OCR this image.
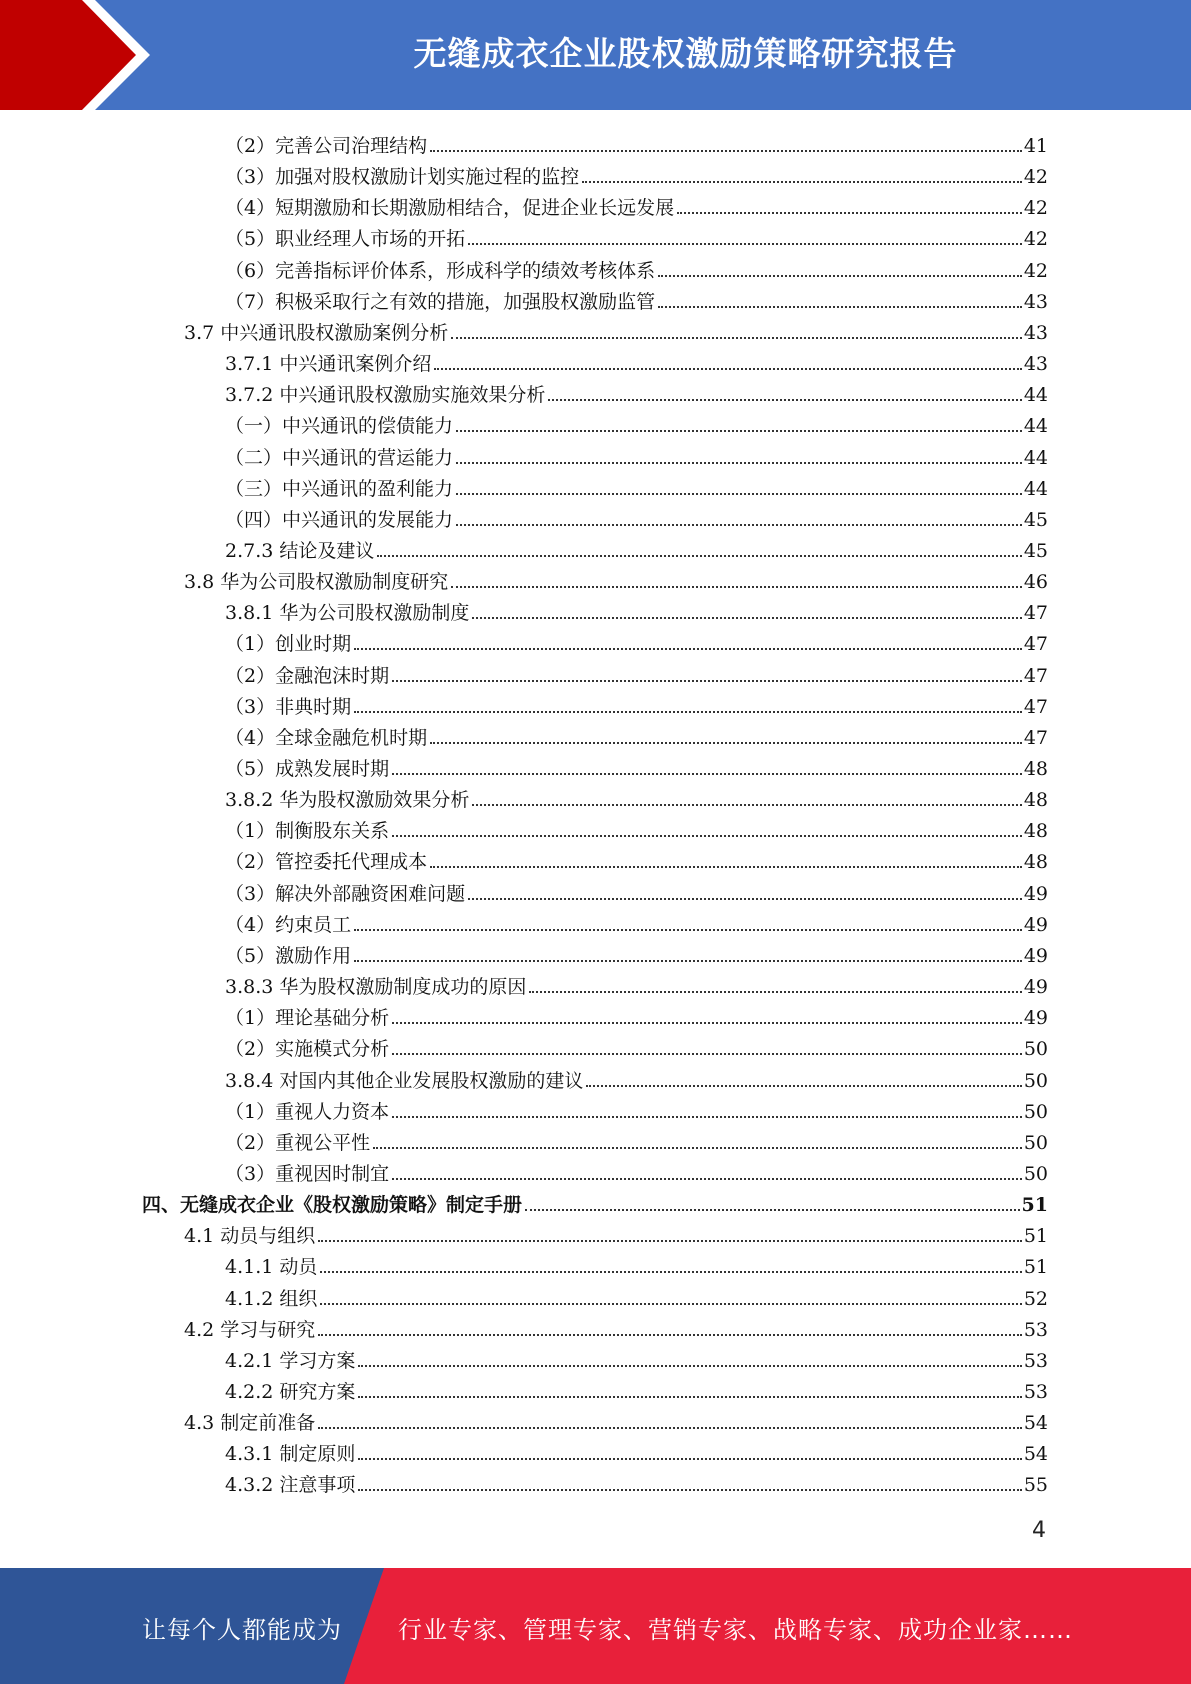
无缝成衣企业股权激励策略研究报告
（2）完善公司治理结构	41
（3）加强对股权激励计划实施过程的监控	42
（4）短期激励和长期激励相结合，促进企业长远发展	42
（5）职业经理人市场的开拓	42
（6）完善指标评价体系，形成科学的绩效考核体系	42
（7）积极采取行之有效的措施，加强股权激励监管	43
3.7 中兴通讯股权激励案例分析	43
3.7.1 中兴通讯案例介绍	43
3.7.2 中兴通讯股权激励实施效果分析	44
（一）中兴通讯的偿债能力	44
（二）中兴通讯的营运能力	44
（三）中兴通讯的盈利能力	44
（四）中兴通讯的发展能力	45
2.7.3 结论及建议	45
3.8 华为公司股权激励制度研究	46
3.8.1 华为公司股权激励制度	47
（1）创业时期	47
（2）金融泡沫时期	47
（3）非典时期	47
（4）全球金融危机时期	47
（5）成熟发展时期	48
3.8.2 华为股权激励效果分析	48
（1）制衡股东关系	48
（2）管控委托代理成本	48
（3）解决外部融资困难问题	49
（4）约束员工	49
（5）激励作用	49
3.8.3 华为股权激励制度成功的原因	49
（1）理论基础分析	49
（2）实施模式分析	50
3.8.4 对国内其他企业发展股权激励的建议	50
（1）重视人力资本	50
（2）重视公平性	50
（3）重视因时制宜	50
四、无缝成衣企业《股权激励策略》制定手册	51
4.1 动员与组织	51
4.1.1 动员	51
4.1.2 组织	52
4.2 学习与研究	53
4.2.1 学习方案	53
4.2.2 研究方案	53
4.3 制定前准备	54
4.3.1 制定原则	54
4.3.2 注意事项	55
4
让每个人都能成为 行业专家、管理专家、营销专家、战略专家、成功企业家……
